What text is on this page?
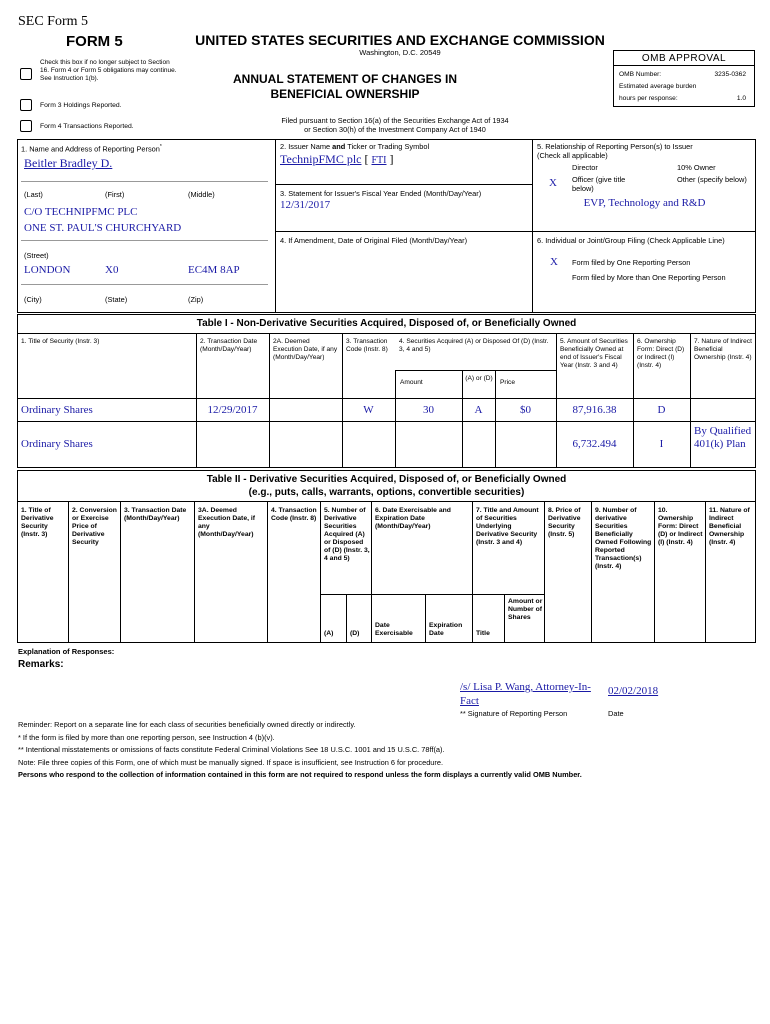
SEC Form 5
FORM 5	UNITED STATES SECURITIES AND EXCHANGE COMMISSION
Washington, D.C. 20549
Check this box if no longer subject to Section 16. Form 4 or Form 5 obligations may continue. See Instruction 1(b).
Form 3 Holdings Reported.
Form 4 Transactions Reported.
ANNUAL STATEMENT OF CHANGES IN BENEFICIAL OWNERSHIP
Filed pursuant to Section 16(a) of the Securities Exchange Act of 1934
or Section 30(h) of the Investment Company Act of 1940
OMB APPROVAL
OMB Number:	3235-0362
Estimated average burden
hours per response:	1.0
1. Name and Address of Reporting Person*
Beitler Bradley D.
(Last)	(First)	(Middle)
C/O TECHNIPFMC PLC
ONE ST. PAUL'S CHURCHYARD
(Street)
LONDON	X0	EC4M 8AP
(City)	(State)	(Zip)
2. Issuer Name and Ticker or Trading Symbol
TechnipFMC plc [ FTI ]
3. Statement for Issuer's Fiscal Year Ended (Month/Day/Year)
12/31/2017
4. If Amendment, Date of Original Filed (Month/Day/Year)
5. Relationship of Reporting Person(s) to Issuer
(Check all applicable)
Director	10% Owner
X Officer (give title below)
Other (specify below)
EVP, Technology and R&D
6. Individual or Joint/Group Filing (Check Applicable Line)
X Form filed by One Reporting Person
Form filed by More than One Reporting Person
Table I - Non-Derivative Securities Acquired, Disposed of, or Beneficially Owned
1. Title of Security (Instr. 3)	2. Transaction Date (Month/Day/Year)
2A. Deemed Execution Date, if any (Month/Day/Year)
3. Transaction Code (Instr. 8)
4. Securities Acquired (A) or Disposed Of (D) (Instr. 3, 4 and 5)
Amount
(A) or (D)
Price
5. Amount of Securities Beneficially Owned at end of Issuer's Fiscal Year (Instr. 3 and 4)
6. Ownership Form: Direct (D) or Indirect (I) (Instr. 4)
7. Nature of Indirect Beneficial Ownership (Instr. 4)
Ordinary Shares	12/29/2017	W	30	A	$0	87,916.38	D
Ordinary Shares	6,732.494	I
By Qualified 401(k) Plan
Table II - Derivative Securities Acquired, Disposed of, or Beneficially Owned
(e.g., puts, calls, warrants, options, convertible securities)
1. Title of Derivative Security (Instr. 3)
2. Conversion or Exercise Price of Derivative Security
3. Transaction Date (Month/Day/Year)
3A. Deemed Execution Date, if any (Month/Day/Year)
4. Transaction Code (Instr. 8)
5. Number of Derivative Securities Acquired (A) or Disposed of (D) (Instr. 3, 4 and 5)
(A) (D)
6. Date Exercisable and Expiration Date (Month/Day/Year)
Date Exercisable
Expiration Date
7. Title and Amount of Securities Underlying Derivative Security (Instr. 3 and 4)
Title
Amount or Number of Shares
8. Price of Derivative Security (Instr. 5)
9. Number of derivative Securities Beneficially Owned Following Reported Transaction(s) (Instr. 4)
10. Ownership Form: Direct (D) or Indirect (I) (Instr. 4)
11. Nature of Indirect Beneficial Ownership (Instr. 4)
Explanation of Responses:
Remarks:
/s/ Lisa P. Wang, Attorney-In-Fact
02/02/2018
** Signature of Reporting Person	Date
Reminder: Report on a separate line for each class of securities beneficially owned directly or indirectly.
* If the form is filed by more than one reporting person, see Instruction 4 (b)(v).
** Intentional misstatements or omissions of facts constitute Federal Criminal Violations See 18 U.S.C. 1001 and 15 U.S.C. 78ff(a).
Note: File three copies of this Form, one of which must be manually signed. If space is insufficient, see Instruction 6 for procedure.
Persons who respond to the collection of information contained in this form are not required to respond unless the form displays a currently valid OMB Number.
